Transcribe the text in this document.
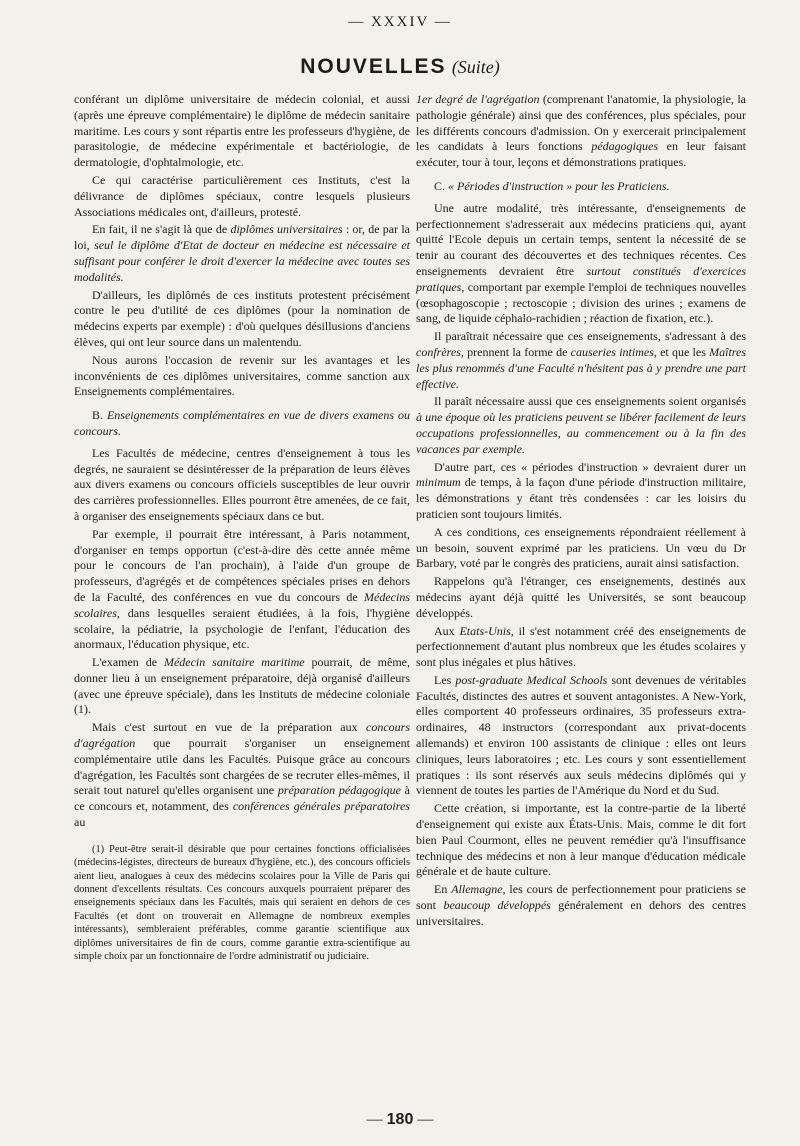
— XXXIV —
NOUVELLES (Suite)

conférant un diplôme universitaire de médecin colonial, et aussi (après une épreuve complémentaire) le diplôme de médecin sanitaire maritime. Les cours y sont répartis entre les professeurs d'hygiène, de parasitologie, de médecine expérimentale et bactériologie, de dermatologie, d'ophtalmologie, etc.

Ce qui caractérise particulièrement ces Instituts, c'est la délivrance de diplômes spéciaux, contre lesquels plusieurs Associations médicales ont, d'ailleurs, protesté.

En fait, il ne s'agit là que de diplômes universitaires : or, de par la loi, seul le diplôme d'Etat de docteur en médecine est nécessaire et suffisant pour conférer le droit d'exercer la médecine avec toutes ses modalités.

D'ailleurs, les diplômés de ces instituts protestent précisément contre le peu d'utilité de ces diplômes (pour la nomination de médecins experts par exemple) : d'où quelques désillusions d'anciens élèves, qui ont leur source dans un malentendu.

Nous aurons l'occasion de revenir sur les avantages et les inconvénients de ces diplômes universitaires, comme sanction aux Enseignements complémentaires.

B. Enseignements complémentaires en vue de divers examens ou concours.

Les Facultés de médecine, centres d'enseignement à tous les degrés, ne sauraient se désintéresser de la préparation de leurs élèves aux divers examens ou concours officiels susceptibles de leur ouvrir des carrières professionnelles. Elles pourront être amenées, de ce fait, à organiser des enseignements spéciaux dans ce but.

Par exemple, il pourrait être intéressant, à Paris notamment, d'organiser en temps opportun (c'est-à-dire dès cette année même pour le concours de l'an prochain), à l'aide d'un groupe de professeurs, d'agrégés et de compétences spéciales prises en dehors de la Faculté, des conférences en vue du concours de Médecins scolaires, dans lesquelles seraient étudiées, à la fois, l'hygiène scolaire, la pédiatrie, la psychologie de l'enfant, l'éducation des anormaux, l'éducation physique, etc.

L'examen de Médecin sanitaire maritime pourrait, de même, donner lieu à un enseignement préparatoire, déjà organisé d'ailleurs (avec une épreuve spéciale), dans les Instituts de médecine coloniale (1).

Mais c'est surtout en vue de la préparation aux concours d'agrégation que pourrait s'organiser un enseignement complémentaire utile dans les Facultés. Puisque grâce au concours d'agrégation, les Facultés sont chargées de se recruter elles-mêmes, il serait tout naturel qu'elles organisent une préparation pédagogique à ce concours et, notamment, des conférences générales préparatoires au

(1) Peut-être serait-il désirable que pour certaines fonctions officialisées (médecins-légistes, directeurs de bureaux d'hygiène, etc.), des concours officiels aient lieu, analogues à ceux des médecins scolaires pour la Ville de Paris qui donnent d'excellents résultats. Ces concours auxquels pourraient préparer des enseignements spéciaux dans les Facultés, mais qui seraient en dehors de ces Facultés (et dont on trouverait en Allemagne de nombreux exemples intéressants), sembleraient préférables, comme garantie scientifique aux diplômes universitaires de fin de cours, comme garantie extra-scientifique au simple choix par un fonctionnaire de l'ordre administratif ou judiciaire.

1er degré de l'agrégation (comprenant l'anatomie, la physiologie, la pathologie générale) ainsi que des conférences, plus spéciales, pour les différents concours d'admission. On y exercerait principalement les candidats à leurs fonctions pédagogiques en leur faisant exécuter, tour à tour, leçons et démonstrations pratiques.

C. « Périodes d'instruction » pour les Praticiens.

Une autre modalité, très intéressante, d'enseignements de perfectionnement s'adresserait aux médecins praticiens qui, ayant quitté l'Ecole depuis un certain temps, sentent la nécessité de se tenir au courant des découvertes et des techniques récentes. Ces enseignements devraient être surtout constitués d'exercices pratiques, comportant par exemple l'emploi de techniques nouvelles (œsophagoscopie ; rectoscopie ; division des urines ; examens de sang, de liquide céphalo-rachidien ; réaction de fixation, etc.).

Il paraîtrait nécessaire que ces enseignements, s'adressant à des confrères, prennent la forme de causeries intimes, et que les Maîtres les plus renommés d'une Faculté n'hésitent pas à y prendre une part effective.

Il paraît nécessaire aussi que ces enseignements soient organisés à une époque où les praticiens peuvent se libérer facilement de leurs occupations professionnelles, au commencement ou à la fin des vacances par exemple.

D'autre part, ces « périodes d'instruction » devraient durer un minimum de temps, à la façon d'une période d'instruction militaire, les démonstrations y étant très condensées : car les loisirs du praticien sont toujours limités.

A ces conditions, ces enseignements répondraient réellement à un besoin, souvent exprimé par les praticiens. Un vœu du Dr Barbary, voté par le congrès des praticiens, aurait ainsi satisfaction.

Rappelons qu'à l'étranger, ces enseignements, destinés aux médecins ayant déjà quitté les Universités, se sont beaucoup développés.

Aux Etats-Unis, il s'est notamment créé des enseignements de perfectionnement d'autant plus nombreux que les études scolaires y sont plus inégales et plus hâtives.

Les post-graduate Medical Schools sont devenues de véritables Facultés, distinctes des autres et souvent antagonistes. A New-York, elles comportent 40 professeurs ordinaires, 35 professeurs extra-ordinaires, 48 instructors (correspondant aux privat-docents allemands) et environ 100 assistants de clinique : elles ont leurs cliniques, leurs laboratoires ; etc. Les cours y sont essentiellement pratiques : ils sont réservés aux seuls médecins diplômés qui y viennent de toutes les parties de l'Amérique du Nord et du Sud.

Cette création, si importante, est la contre-partie de la liberté d'enseignement qui existe aux États-Unis. Mais, comme le dit fort bien Paul Courmont, elles ne peuvent remédier qu'à l'insuffisance technique des médecins et non à leur manque d'éducation médicale générale et de haute culture.

En Allemagne, les cours de perfectionnement pour praticiens se sont beaucoup développés généralement en dehors des centres universitaires.

— 180 —
